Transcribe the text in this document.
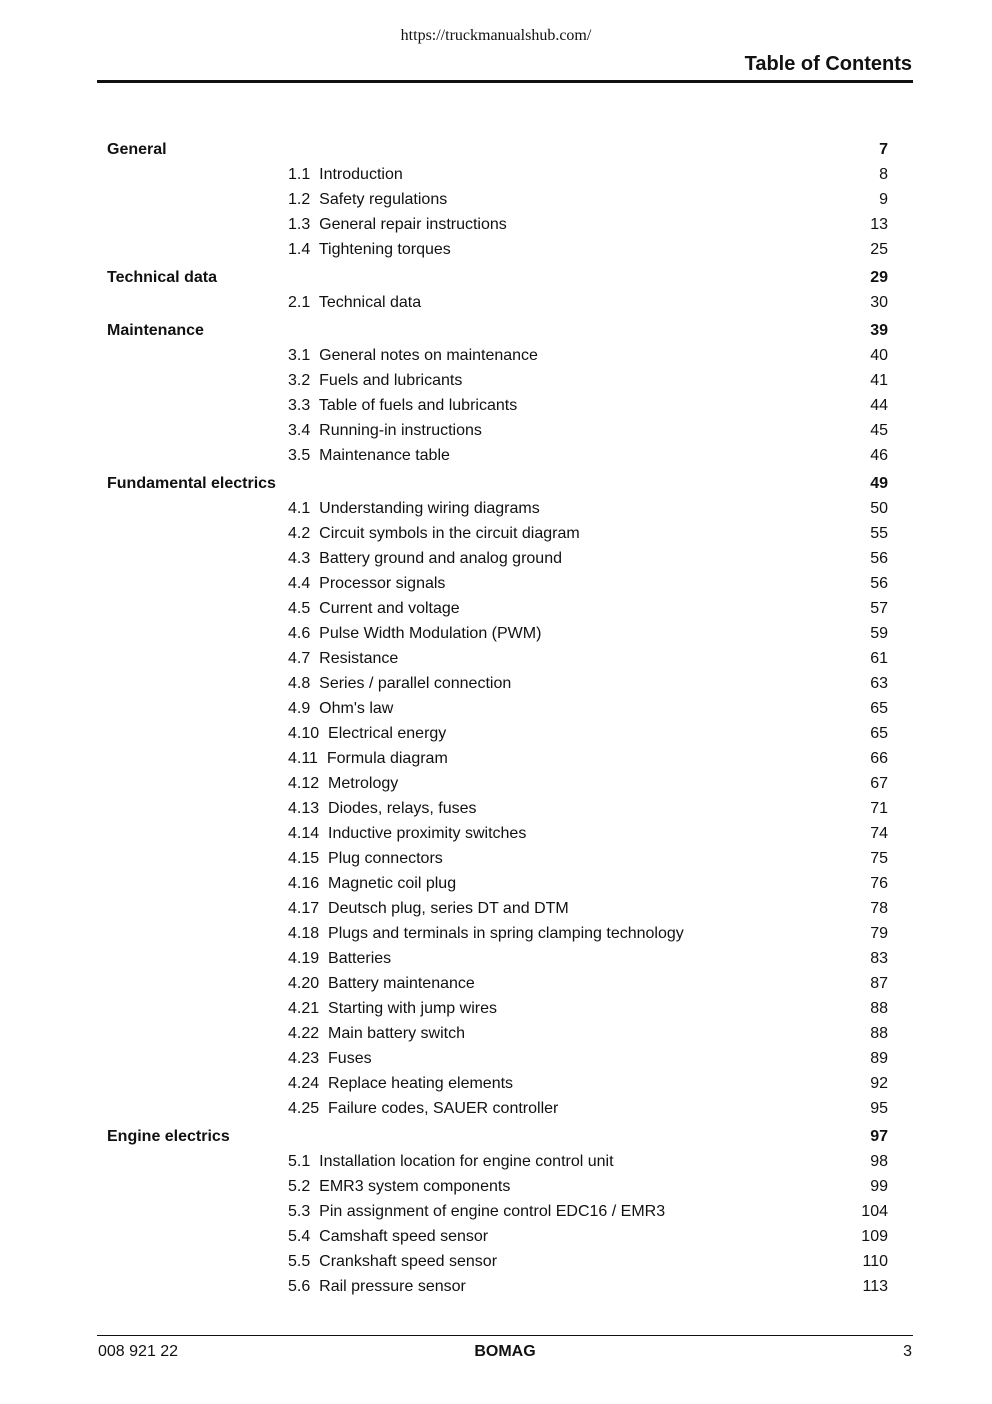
https://truckmanualshub.com/
Table of Contents
General	7
1.1 Introduction	8
1.2 Safety regulations	9
1.3 General repair instructions	13
1.4 Tightening torques	25
Technical data	29
2.1 Technical data	30
Maintenance	39
3.1 General notes on maintenance	40
3.2 Fuels and lubricants	41
3.3 Table of fuels and lubricants	44
3.4 Running-in instructions	45
3.5 Maintenance table	46
Fundamental electrics	49
4.1 Understanding wiring diagrams	50
4.2 Circuit symbols in the circuit diagram	55
4.3 Battery ground and analog ground	56
4.4 Processor signals	56
4.5 Current and voltage	57
4.6 Pulse Width Modulation (PWM)	59
4.7 Resistance	61
4.8 Series / parallel connection	63
4.9 Ohm's law	65
4.10 Electrical energy	65
4.11 Formula diagram	66
4.12 Metrology	67
4.13 Diodes, relays, fuses	71
4.14 Inductive proximity switches	74
4.15 Plug connectors	75
4.16 Magnetic coil plug	76
4.17 Deutsch plug, series DT and DTM	78
4.18 Plugs and terminals in spring clamping technology	79
4.19 Batteries	83
4.20 Battery maintenance	87
4.21 Starting with jump wires	88
4.22 Main battery switch	88
4.23 Fuses	89
4.24 Replace heating elements	92
4.25 Failure codes, SAUER controller	95
Engine electrics	97
5.1 Installation location for engine control unit	98
5.2 EMR3 system components	99
5.3 Pin assignment of engine control EDC16 / EMR3	104
5.4 Camshaft speed sensor	109
5.5 Crankshaft speed sensor	110
5.6 Rail pressure sensor	113
008 921 22	BOMAG	3
